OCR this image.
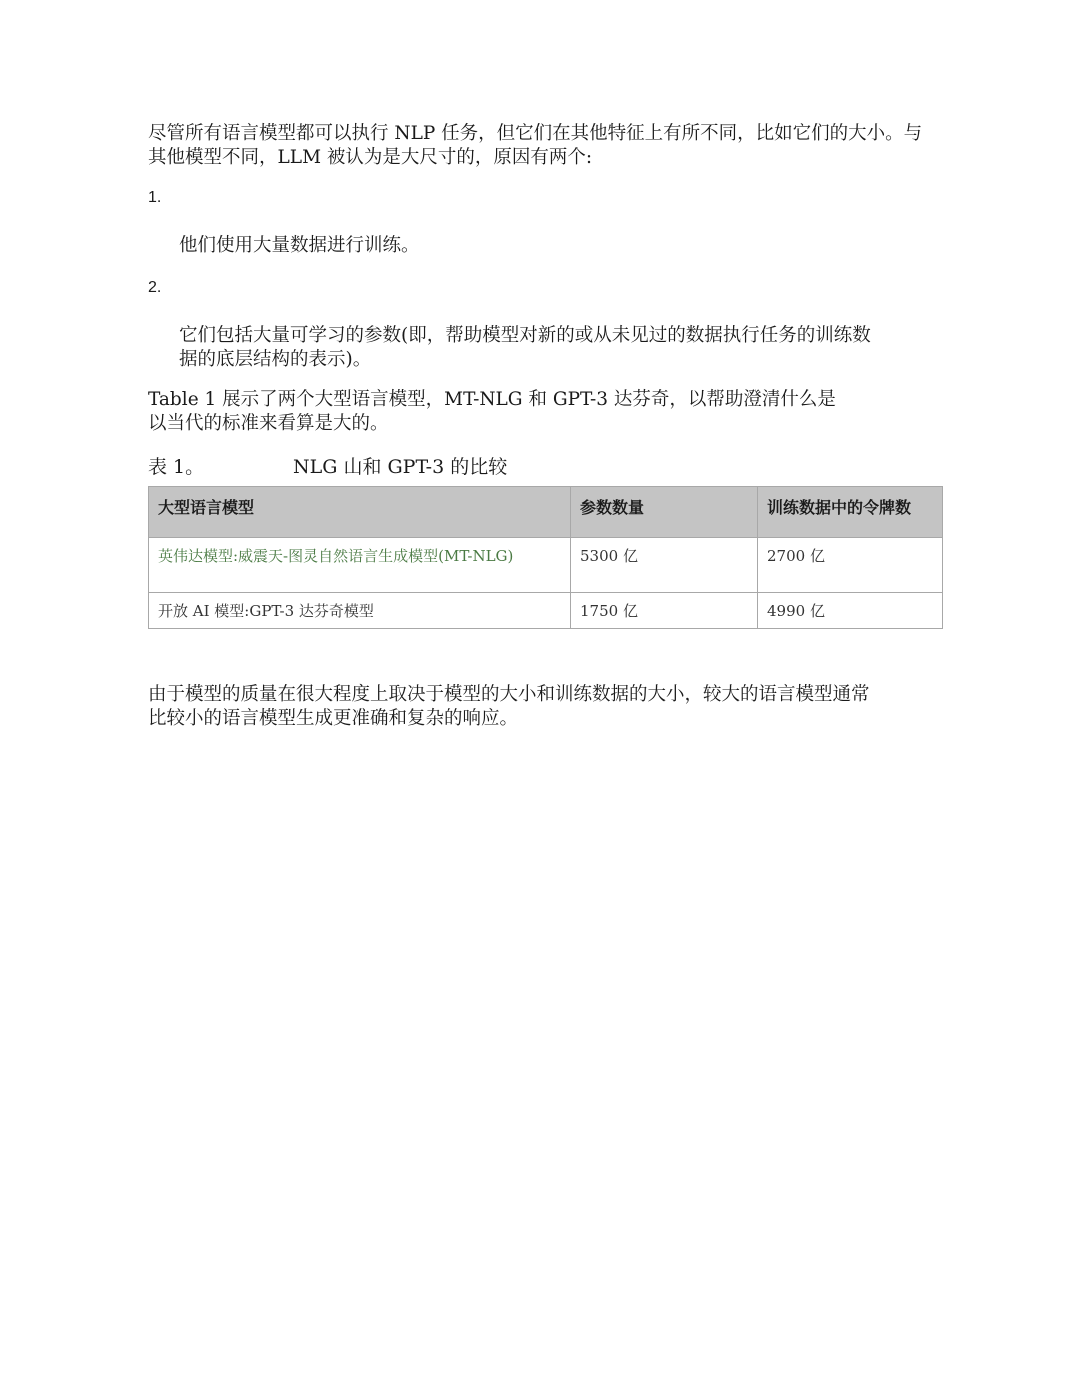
尽管所有语言模型都可以执行 NLP 任务，但它们在其他特征上有所不同，比如它们的大小。与
其他模型不同，LLM 被认为是大尺寸的，原因有两个:

1.

他们使用大量数据进行训练。

2.

它们包括大量可学习的参数(即，帮助模型对新的或从未见过的数据执行任务的训练数
据的底层结构的表示)。

Table 1 展示了两个大型语言模型，MT-NLG 和 GPT-3 达芬奇，以帮助澄清什么是
以当代的标准来看算是大的。

表 1。	NLG 山和 GPT-3 的比较
大型语言模型	参数数量	训练数据中的令牌数
英伟达模型:威震天-图灵自然语言生成模型(MT-NLG)	5300 亿	2700 亿
开放 AI 模型:GPT-3 达芬奇模型	1750 亿	4990 亿

由于模型的质量在很大程度上取决于模型的大小和训练数据的大小，较大的语言模型通常
比较小的语言模型生成更准确和复杂的响应。
